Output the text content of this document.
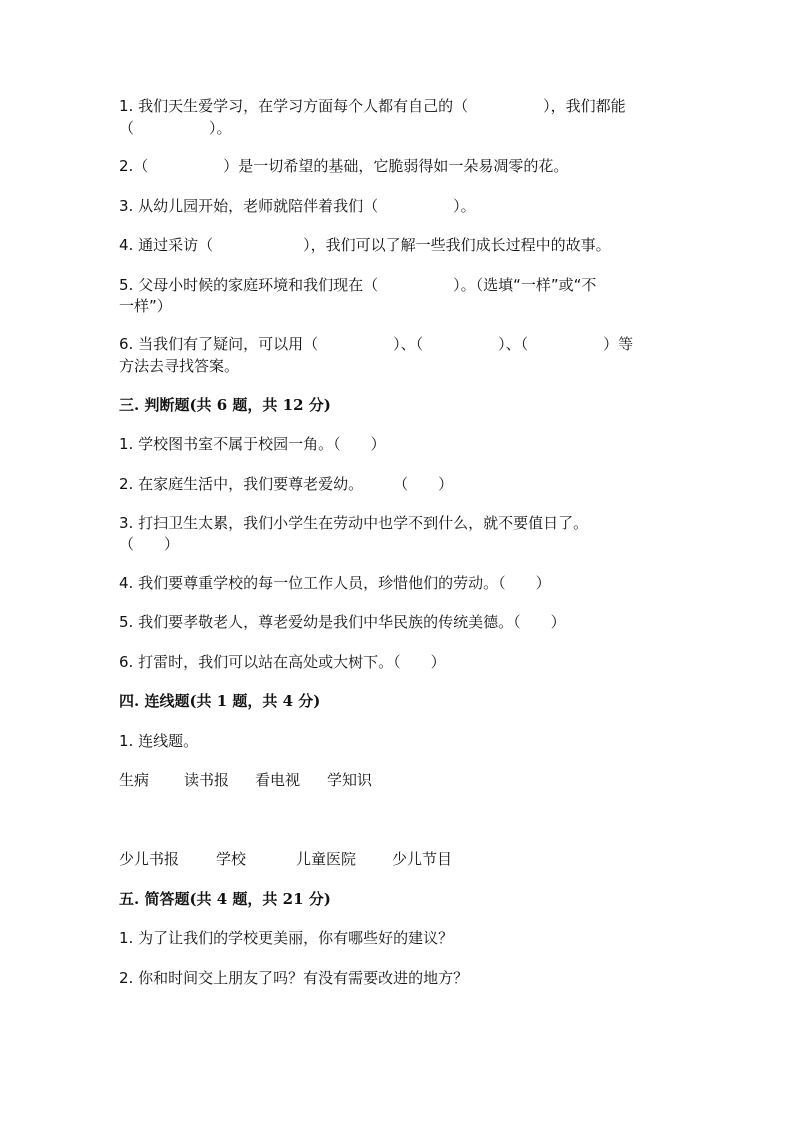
1. 我们天生爱学习，在学习方面每个人都有自己的（　　　　　），我们都能
（　　　　　）。
2.（　　　　　）是一切希望的基础，它脆弱得如一朵易凋零的花。
3. 从幼儿园开始，老师就陪伴着我们（　　　　　）。
4. 通过采访（　　　　　　），我们可以了解一些我们成长过程中的故事。
5. 父母小时候的家庭环境和我们现在（　　　　　）。（选填“一样”或“不
一样”）
6. 当我们有了疑问，可以用（　　　　　）、（　　　　　）、（　　　　　）等
方法去寻找答案。
三. 判断题(共 6 题，共 12 分)
1. 学校图书室不属于校园一角。（　　）
2. 在家庭生活中，我们要尊老爱幼。　　　（　　）
3. 打扫卫生太累，我们小学生在劳动中也学不到什么，就不要值日了。
（　　）
4. 我们要尊重学校的每一位工作人员，珍惜他们的劳动。（　　）
5. 我们要孝敬老人，尊老爱幼是我们中华民族的传统美德。（　　）
6. 打雷时，我们可以站在高处或大树下。（　　）
四. 连线题(共 1 题，共 4 分)
1. 连线题。
生病 读书报 看电视 学知识
少儿书报 学校	儿童医院 少儿节目
五. 简答题(共 4 题，共 21 分)
1. 为了让我们的学校更美丽，你有哪些好的建议？
2. 你和时间交上朋友了吗？有没有需要改进的地方？
